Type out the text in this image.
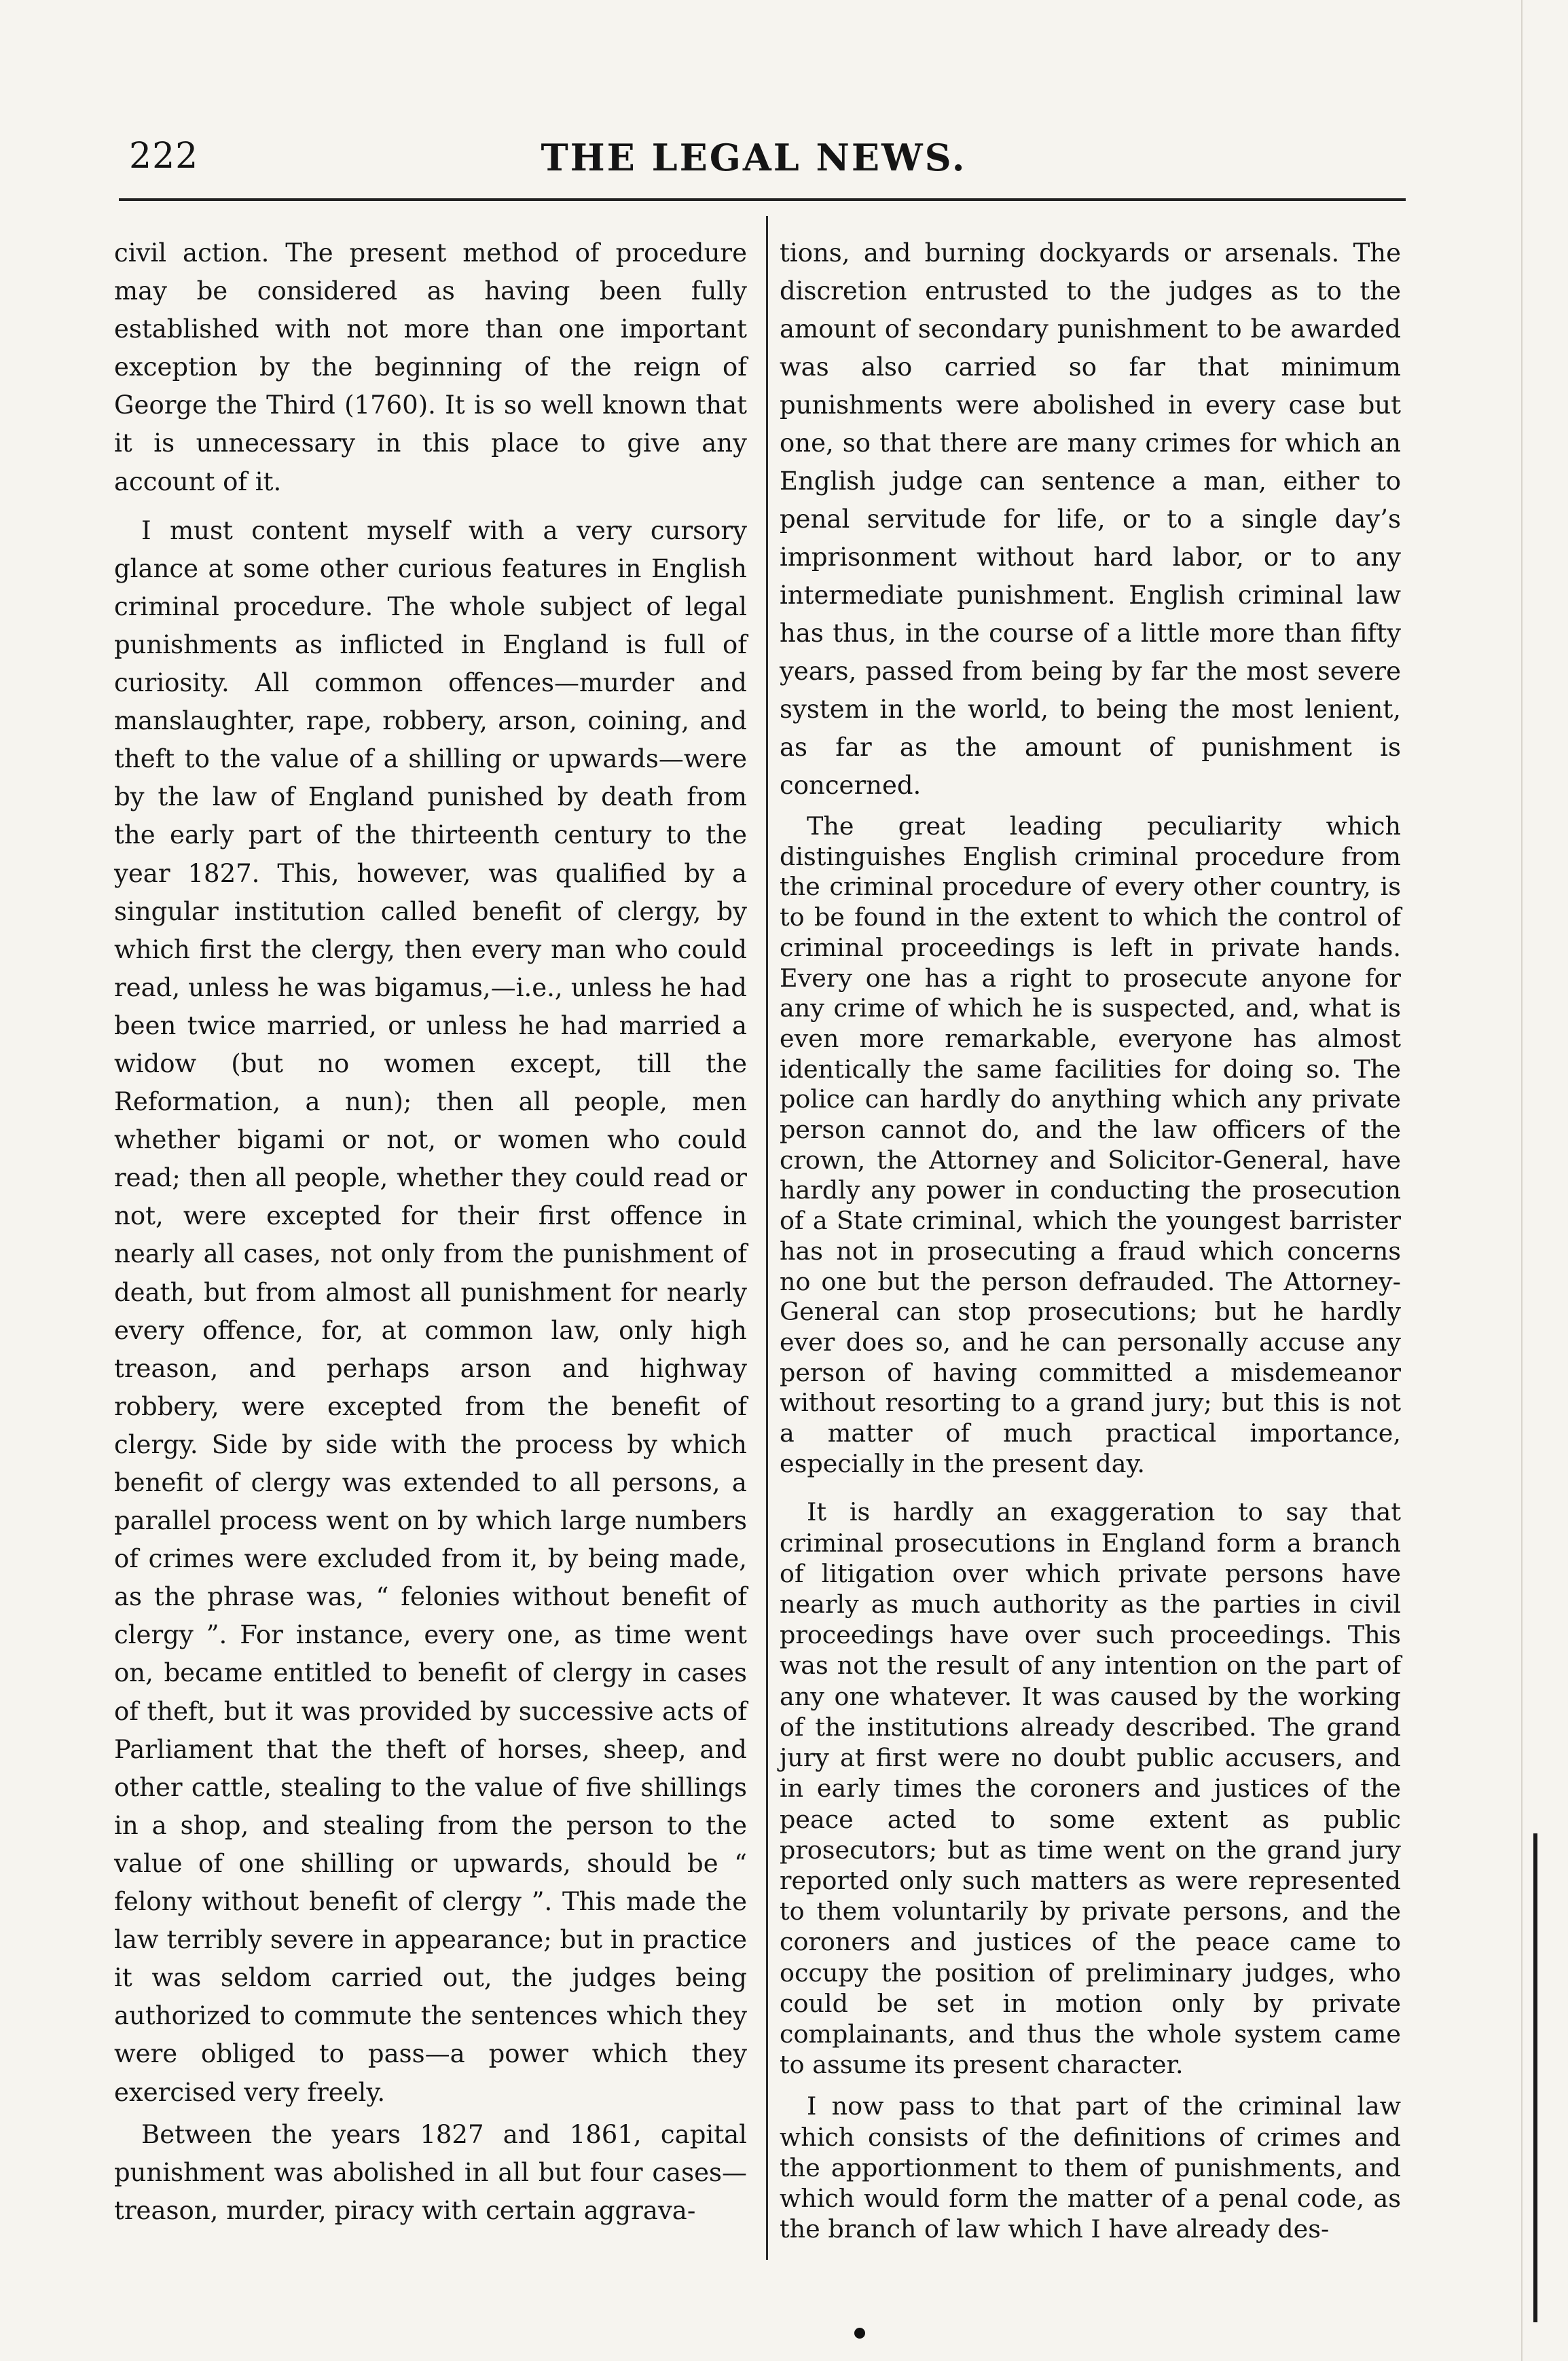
222	THE LEGAL NEWS.

civil action. The present method of procedure may be considered as having been fully established with not more than one important exception by the beginning of the reign of George the Third (1760). It is so well known that it is unnecessary in this place to give any account of it.

I must content myself with a very cursory glance at some other curious features in English criminal procedure. The whole subject of legal punishments as inflicted in England is full of curiosity. All common offences—murder and manslaughter, rape, robbery, arson, coining, and theft to the value of a shilling or upwards—were by the law of England punished by death from the early part of the thirteenth century to the year 1827. This, however, was qualified by a singular institution called benefit of clergy, by which first the clergy, then every man who could read, unless he was bigamus,—i.e., unless he had been twice married, or unless he had married a widow (but no women except, till the Reformation, a nun); then all people, men whether bigami or not, or women who could read; then all people, whether they could read or not, were excepted for their first offence in nearly all cases, not only from the punishment of death, but from almost all punishment for nearly every offence, for, at common law, only high treason, and perhaps arson and highway robbery, were excepted from the benefit of clergy. Side by side with the process by which benefit of clergy was extended to all persons, a parallel process went on by which large numbers of crimes were excluded from it, by being made, as the phrase was, “ felonies without benefit of clergy ”. For instance, every one, as time went on, became entitled to benefit of clergy in cases of theft, but it was provided by successive acts of Parliament that the theft of horses, sheep, and other cattle, stealing to the value of five shillings in a shop, and stealing from the person to the value of one shilling or upwards, should be “ felony without benefit of clergy ”. This made the law terribly severe in appearance; but in practice it was seldom carried out, the judges being authorized to commute the sentences which they were obliged to pass—a power which they exercised very freely.

Between the years 1827 and 1861, capital punishment was abolished in all but four cases—treason, murder, piracy with certain aggrava-

tions, and burning dockyards or arsenals. The discretion entrusted to the judges as to the amount of secondary punishment to be awarded was also carried so far that minimum punishments were abolished in every case but one, so that there are many crimes for which an English judge can sentence a man, either to penal servitude for life, or to a single day’s imprisonment without hard labor, or to any intermediate punishment. English criminal law has thus, in the course of a little more than fifty years, passed from being by far the most severe system in the world, to being the most lenient, as far as the amount of punishment is concerned.

The great leading peculiarity which distinguishes English criminal procedure from the criminal procedure of every other country, is to be found in the extent to which the control of criminal proceedings is left in private hands. Every one has a right to prosecute anyone for any crime of which he is suspected, and, what is even more remarkable, everyone has almost identically the same facilities for doing so. The police can hardly do anything which any private person cannot do, and the law officers of the crown, the Attorney and Solicitor-General, have hardly any power in conducting the prosecution of a State criminal, which the youngest barrister has not in prosecuting a fraud which concerns no one but the person defrauded. The Attorney-General can stop prosecutions; but he hardly ever does so, and he can personally accuse any person of having committed a misdemeanor without resorting to a grand jury; but this is not a matter of much practical importance, especially in the present day.

It is hardly an exaggeration to say that criminal prosecutions in England form a branch of litigation over which private persons have nearly as much authority as the parties in civil proceedings have over such proceedings. This was not the result of any intention on the part of any one whatever. It was caused by the working of the institutions already described. The grand jury at first were no doubt public accusers, and in early times the coroners and justices of the peace acted to some extent as public prosecutors; but as time went on the grand jury reported only such matters as were represented to them voluntarily by private persons, and the coroners and justices of the peace came to occupy the position of preliminary judges, who could be set in motion only by private complainants, and thus the whole system came to assume its present character.

I now pass to that part of the criminal law which consists of the definitions of crimes and the apportionment to them of punishments, and which would form the matter of a penal code, as the branch of law which I have already des-
